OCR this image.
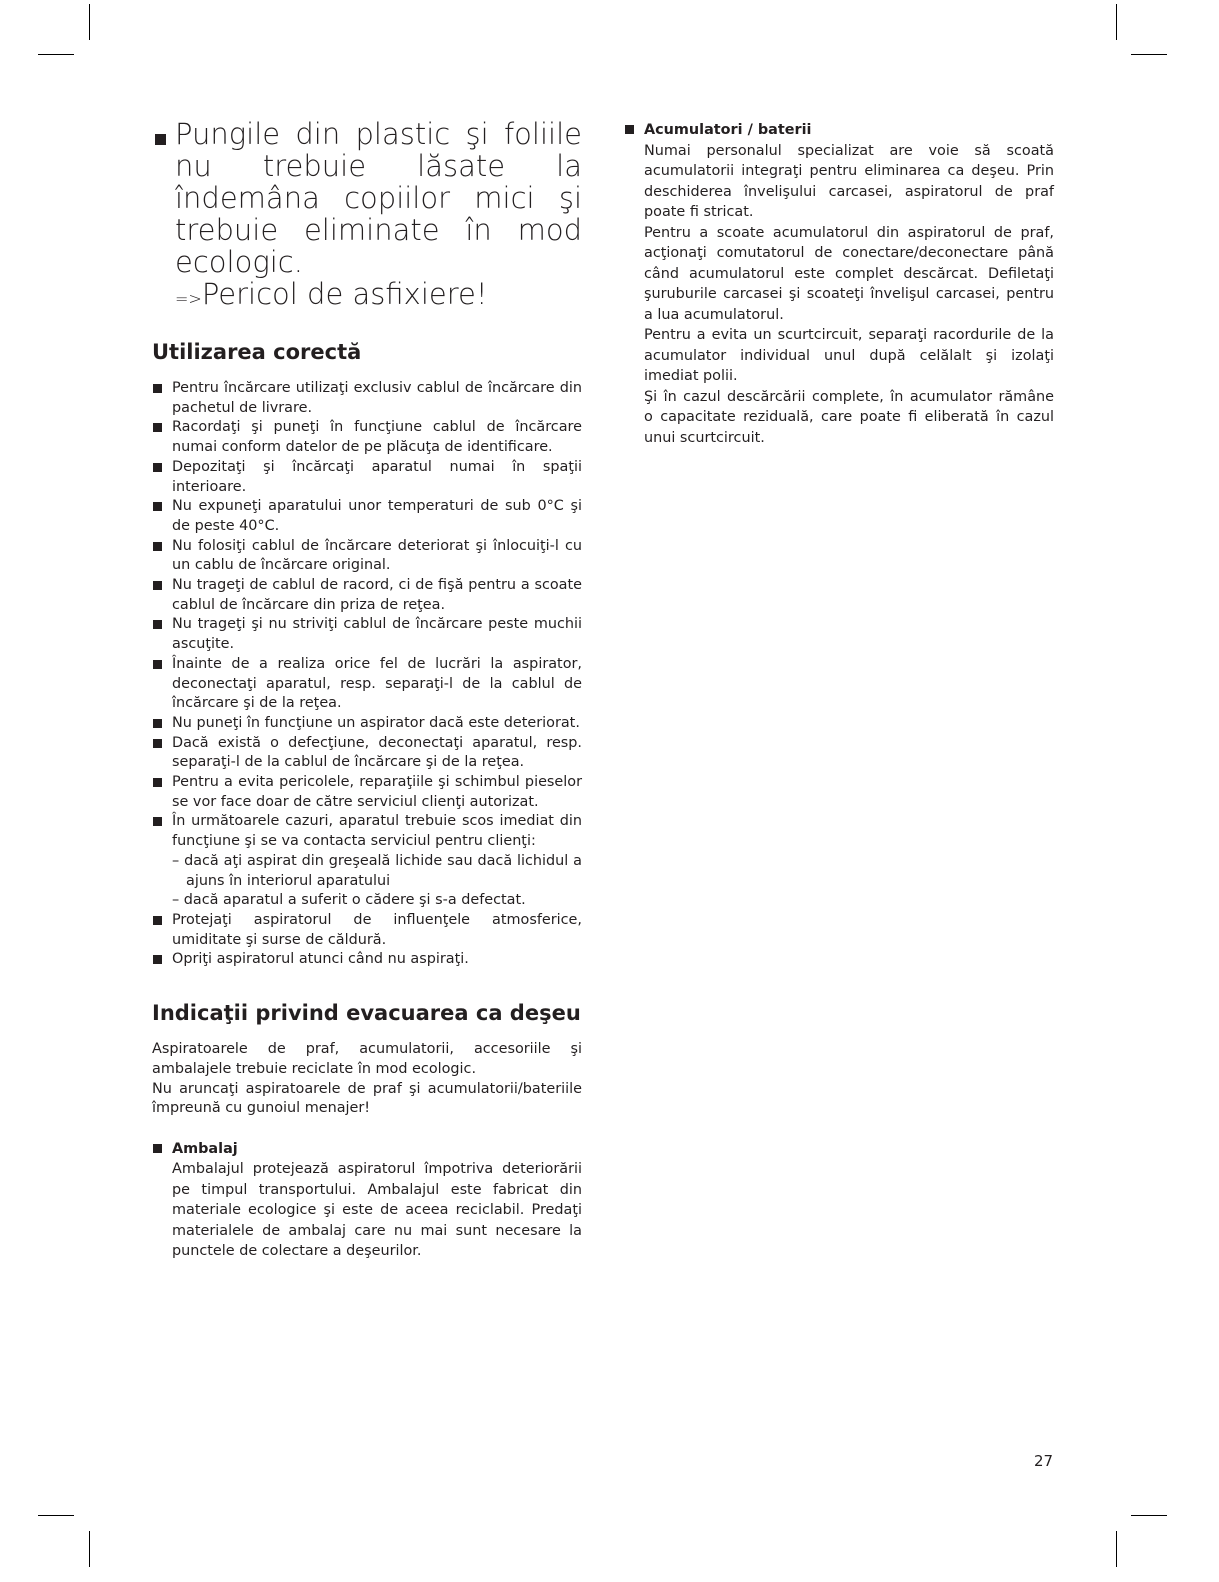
Pungile din plastic şi foliile nu trebuie lăsate la îndemâna copiilor mici şi trebuie eliminate în mod ecologic.
=>Pericol de asfixiere!
Utilizarea corectă
Pentru încărcare utilizaţi exclusiv cablul de încărcare din pachetul de livrare.
Racordaţi şi puneţi în funcţiune cablul de încărcare numai conform datelor de pe plăcuţa de identificare.
Depozitaţi şi încărcaţi aparatul numai în spaţii interioare.
Nu expuneţi aparatului unor temperaturi de sub 0°C şi de peste 40°C.
Nu folosiţi cablul de încărcare deteriorat şi înlocuiţi-l cu un cablu de încărcare original.
Nu trageţi de cablul de racord, ci de fişă pentru a scoate cablul de încărcare din priza de reţea.
Nu trageţi şi nu striviţi cablul de încărcare peste muchii ascuţite.
Înainte de a realiza orice fel de lucrări la aspirator, deconectaţi aparatul, resp. separaţi-l de la cablul de încărcare şi de la reţea.
Nu puneţi în funcţiune un aspirator dacă este deteriorat.
Dacă există o defecţiune, deconectaţi aparatul, resp. separaţi-l de la cablul de încărcare şi de la reţea.
Pentru a evita pericolele, reparaţiile şi schimbul pieselor se vor face doar de către serviciul clienţi autorizat.
În următoarele cazuri, aparatul trebuie scos imediat din funcţiune şi se va contacta serviciul pentru clienţi:
– dacă aţi aspirat din greşeală lichide sau dacă lichidul a ajuns în interiorul aparatului
– dacă aparatul a suferit o cădere şi s-a defectat.
Protejaţi aspiratorul de influenţele atmosferice, umiditate şi surse de căldură.
Opriţi aspiratorul atunci când nu aspiraţi.
Indicaţii privind evacuarea ca deşeu
Aspiratoarele de praf, acumulatorii, accesoriile şi ambalajele trebuie reciclate în mod ecologic.
Nu aruncaţi aspiratoarele de praf şi acumulatorii/bateriile împreună cu gunoiul menajer!
Ambalaj

Ambalajul protejează aspiratorul împotriva deteriorării pe timpul transportului. Ambalajul este fabricat din materiale ecologice şi este de aceea reciclabil. Predaţi materialele de ambalaj care nu mai sunt necesare la punctele de colectare a deşeurilor.

Acumulatori / baterii

Numai personalul specializat are voie să scoată acumulatorii integraţi pentru eliminarea ca deşeu. Prin deschiderea învelişului carcasei, aspiratorul de praf poate fi stricat.

Pentru a scoate acumulatorul din aspiratorul de praf, acţionaţi comutatorul de conectare/deconectare până când acumulatorul este complet descărcat. Defiletaţi şuruburile carcasei şi scoateţi învelişul carcasei, pentru a lua acumulatorul.

Pentru a evita un scurtcircuit, separaţi racordurile de la acumulator individual unul după celălalt şi izolaţi imediat polii.

Şi în cazul descărcării complete, în acumulator rămâne o capacitate reziduală, care poate fi eliberată în cazul unui scurtcircuit.

27
